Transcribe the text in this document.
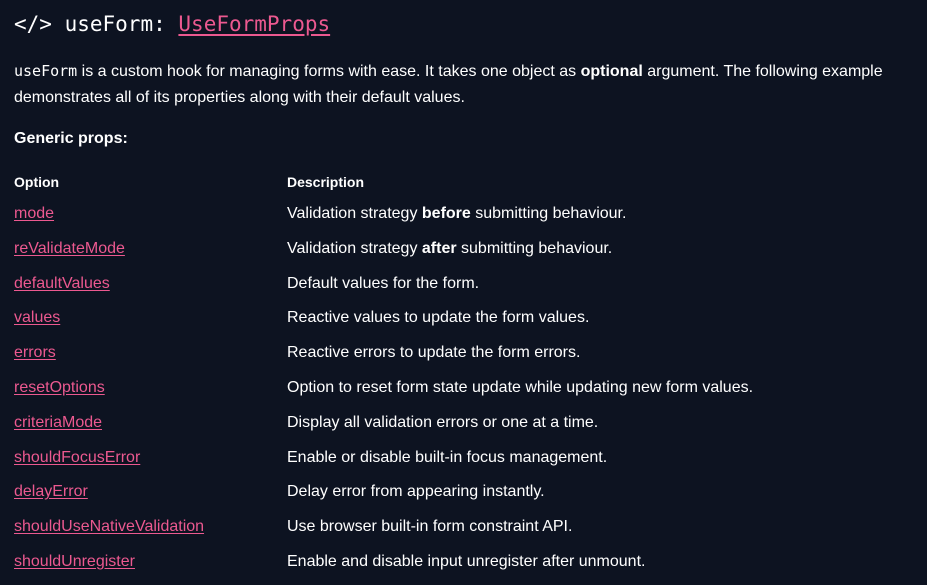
</> useForm: UseFormProps
useForm is a custom hook for managing forms with ease. It takes one object as optional argument. The following example demonstrates all of its properties along with their default values.
Generic props:
Option	Description
mode	Validation strategy before submitting behaviour.
reValidateMode	Validation strategy after submitting behaviour.
defaultValues	Default values for the form.
values	Reactive values to update the form values.
errors	Reactive errors to update the form errors.
resetOptions	Option to reset form state update while updating new form values.
criteriaMode	Display all validation errors or one at a time.
shouldFocusError	Enable or disable built-in focus management.
delayError	Delay error from appearing instantly.
shouldUseNativeValidation	Use browser built-in form constraint API.
shouldUnregister	Enable and disable input unregister after unmount.
